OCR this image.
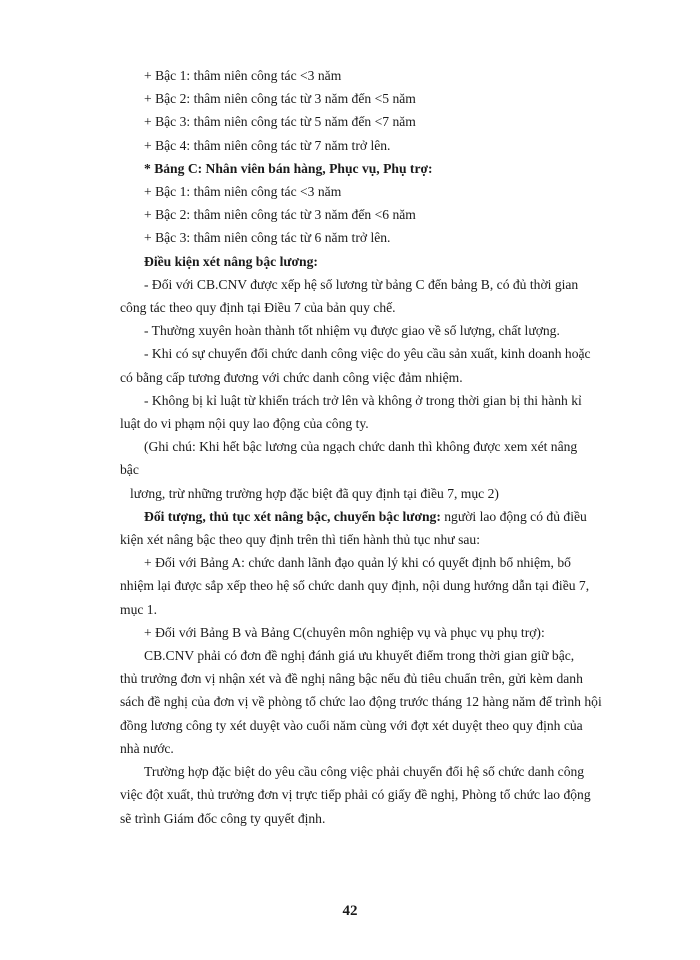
+ Bậc 1: thâm niên công tác <3 năm
+ Bậc 2: thâm niên công tác từ 3 năm đến <5 năm
+ Bậc 3: thâm niên công tác từ 5 năm đến <7 năm
+ Bậc 4: thâm niên công tác từ 7 năm trở lên.
* Bảng C: Nhân viên bán hàng, Phục vụ, Phụ trợ:
+ Bậc 1: thâm niên công tác <3 năm
+ Bậc 2: thâm niên công tác từ 3 năm đến <6 năm
+ Bậc 3: thâm niên công tác từ 6 năm trở lên.
Điều kiện xét nâng bậc lương:
- Đối với CB.CNV được xếp hệ số lương từ bảng C đến bảng B, có đủ thời gian
công tác theo quy định tại Điều 7 của bản quy chế.
- Thường xuyên hoàn thành tốt nhiệm vụ được giao về số lượng, chất lượng.
- Khi có sự chuyển đổi chức danh công việc do yêu cầu sản xuất, kinh doanh hoặc
có bằng cấp tương đương với chức danh công việc đảm nhiệm.
- Không bị kỉ luật từ khiển trách trở lên và không ở trong thời gian bị thi hành kỉ
luật do vi phạm nội quy lao động của công ty.
(Ghi chú: Khi hết bậc lương của ngạch chức danh thì không được xem xét nâng
bậc
lương, trừ những trường hợp đặc biệt đã quy định tại điều 7, mục 2)
Đối tượng, thủ tục xét nâng bậc, chuyển bậc lương: người lao động có đủ điều
kiện xét nâng bậc theo quy định trên thì tiến hành thủ tục như sau:
+ Đối với Bảng A: chức danh lãnh đạo quản lý khi có quyết định bổ nhiệm, bổ
nhiệm lại được sắp xếp theo hệ số chức danh quy định, nội dung hướng dẫn tại điều 7,
mục 1.
+ Đối với Bảng B và Bảng C(chuyên môn nghiệp vụ và phục vụ phụ trợ):
CB.CNV phải có đơn đề nghị đánh giá ưu khuyết điểm trong thời gian giữ bậc,
thủ trưởng đơn vị nhận xét và đề nghị nâng bậc nếu đủ tiêu chuẩn trên, gửi kèm danh
sách đề nghị của đơn vị về phòng tổ chức lao động trước tháng 12 hàng năm để trình hội
đồng lương công ty xét duyệt vào cuối năm cùng với đợt xét duyệt theo quy định của
nhà nước.
Trường hợp đặc biệt do yêu cầu công việc phải chuyển đổi hệ số chức danh công
việc đột xuất, thủ trưởng đơn vị trực tiếp phải có giấy đề nghị, Phòng tổ chức lao động
sẽ trình Giám đốc công ty quyết định.
42
